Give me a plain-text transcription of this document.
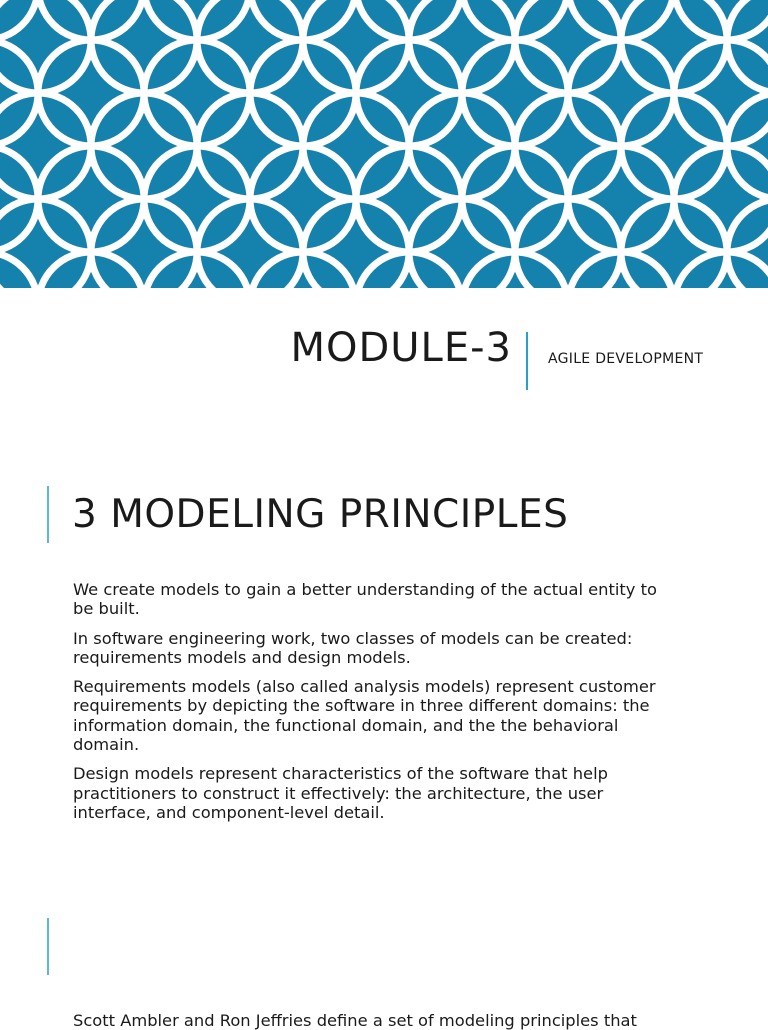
MODULE-3	AGILE DEVELOPMENT
3 MODELING PRINCIPLES

We create models to gain a better understanding of the actual entity to be built.

In software engineering work, two classes of models can be created: requirements models and design models.

Requirements models (also called analysis models) represent customer requirements by depicting the software in three different domains: the information domain, the functional domain, and the the behavioral domain.

Design models represent characteristics of the software that help practitioners to construct it effectively: the architecture, the user interface, and component-level detail.

Scott Ambler and Ron Jeffries define a set of modeling principles that
